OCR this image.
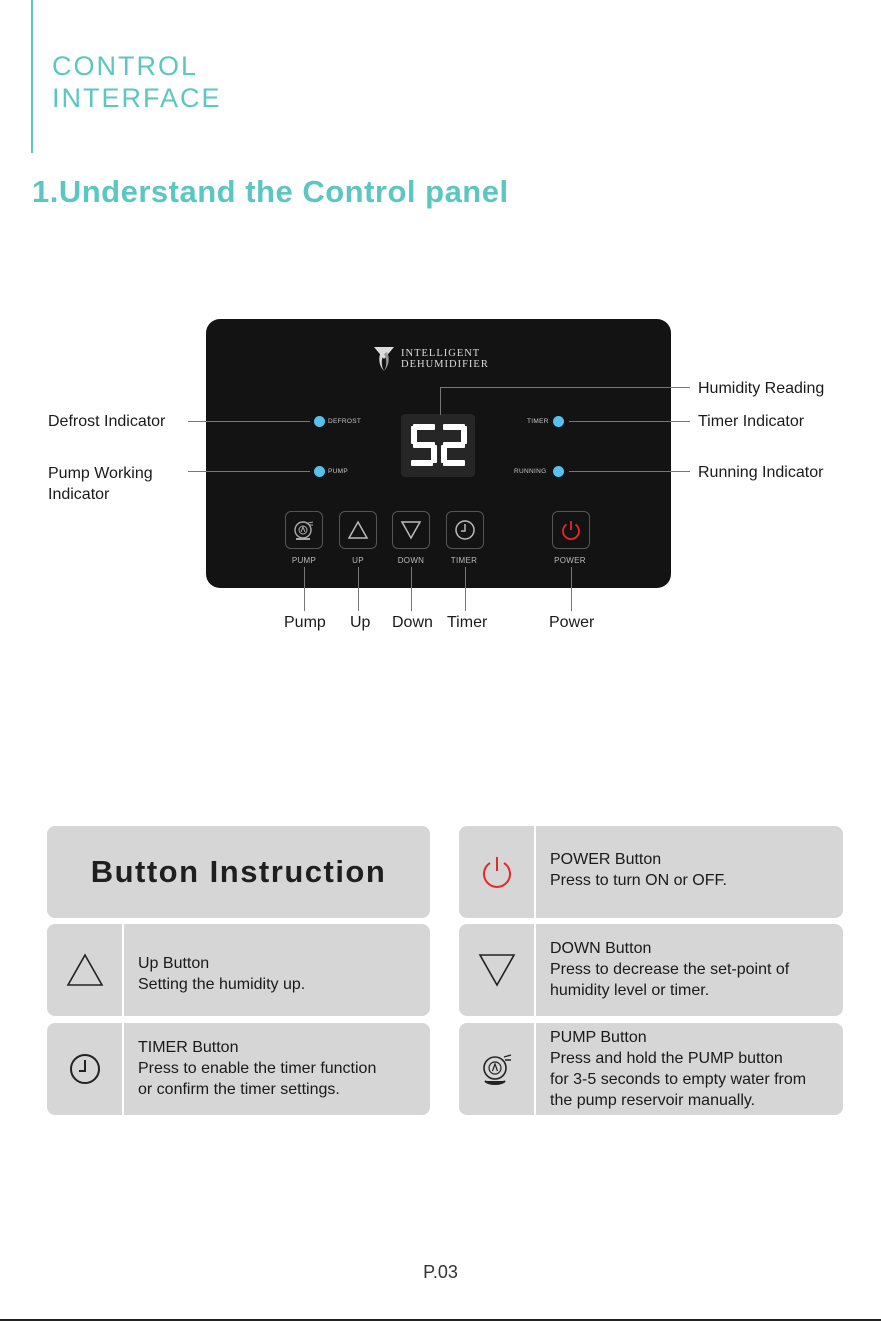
CONTROL
INTERFACE
1.Understand the Control panel
INTELLIGENT
DEHUMIDIFIER
DEFROST
PUMP
TIMER
RUNNING
PUMP	UP	DOWN	TIMER	POWER
Defrost Indicator
Pump Working
Indicator
Humidity Reading
Timer Indicator
Running Indicator
Pump Up Down Timer	Power
Button Instruction	POWER Button
Press to turn ON or OFF.
Up Button
Setting the humidity up.
DOWN Button
Press to decrease the set-point of
humidity level or timer.
TIMER Button
Press to enable the timer function
or confirm the timer settings.
PUMP Button
Press and hold the PUMP button
for 3-5 seconds to empty water from
the pump reservoir manually.
P.03
